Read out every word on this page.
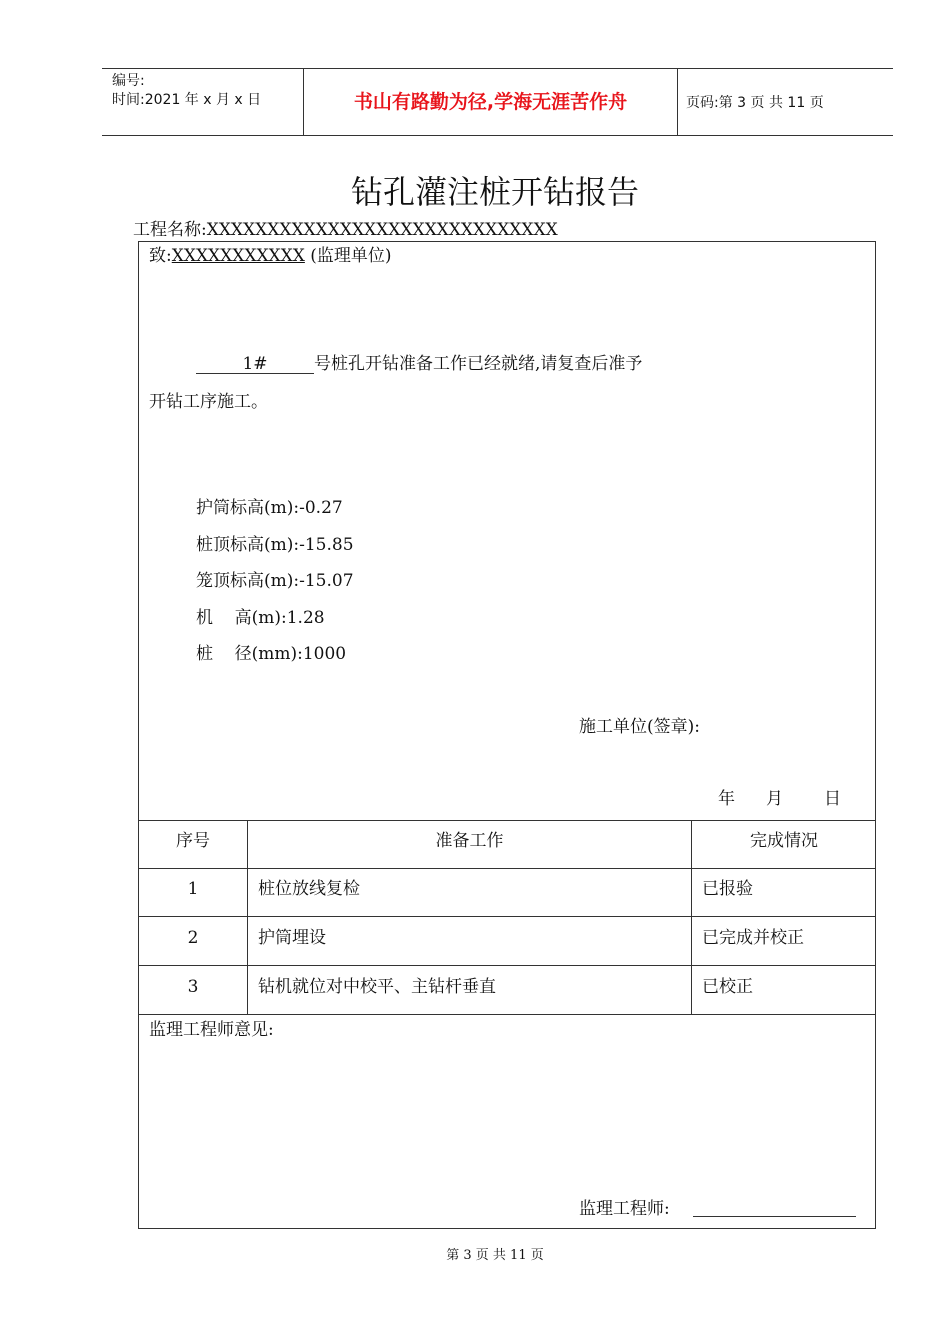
编号:
时间:2021 年 x 月 x 日	书山有路勤为径,学海无涯苦作舟	页码:第 3 页 共 11 页
钻孔灌注桩开钻报告
工程名称:XXXXXXXXXXXXXXXXXXXXXXXXXXXXX
致:XXXXXXXXXXX (监理单位)
1#	号桩孔开钻准备工作已经就绪,请复查后准予
开钻工序施工。
护筒标高(m):-0.27
桩顶标高(m):-15.85
笼顶标高(m):-15.07
机    高(m):1.28
桩    径(mm):1000
施工单位(签章):
年 月 日
序号	准备工作	完成情况
1	桩位放线复检	已报验
2	护筒埋设	已完成并校正
3	钻机就位对中校平、主钻杆垂直	已校正
监理工程师意见:
监理工程师:
第 3 页 共 11 页
